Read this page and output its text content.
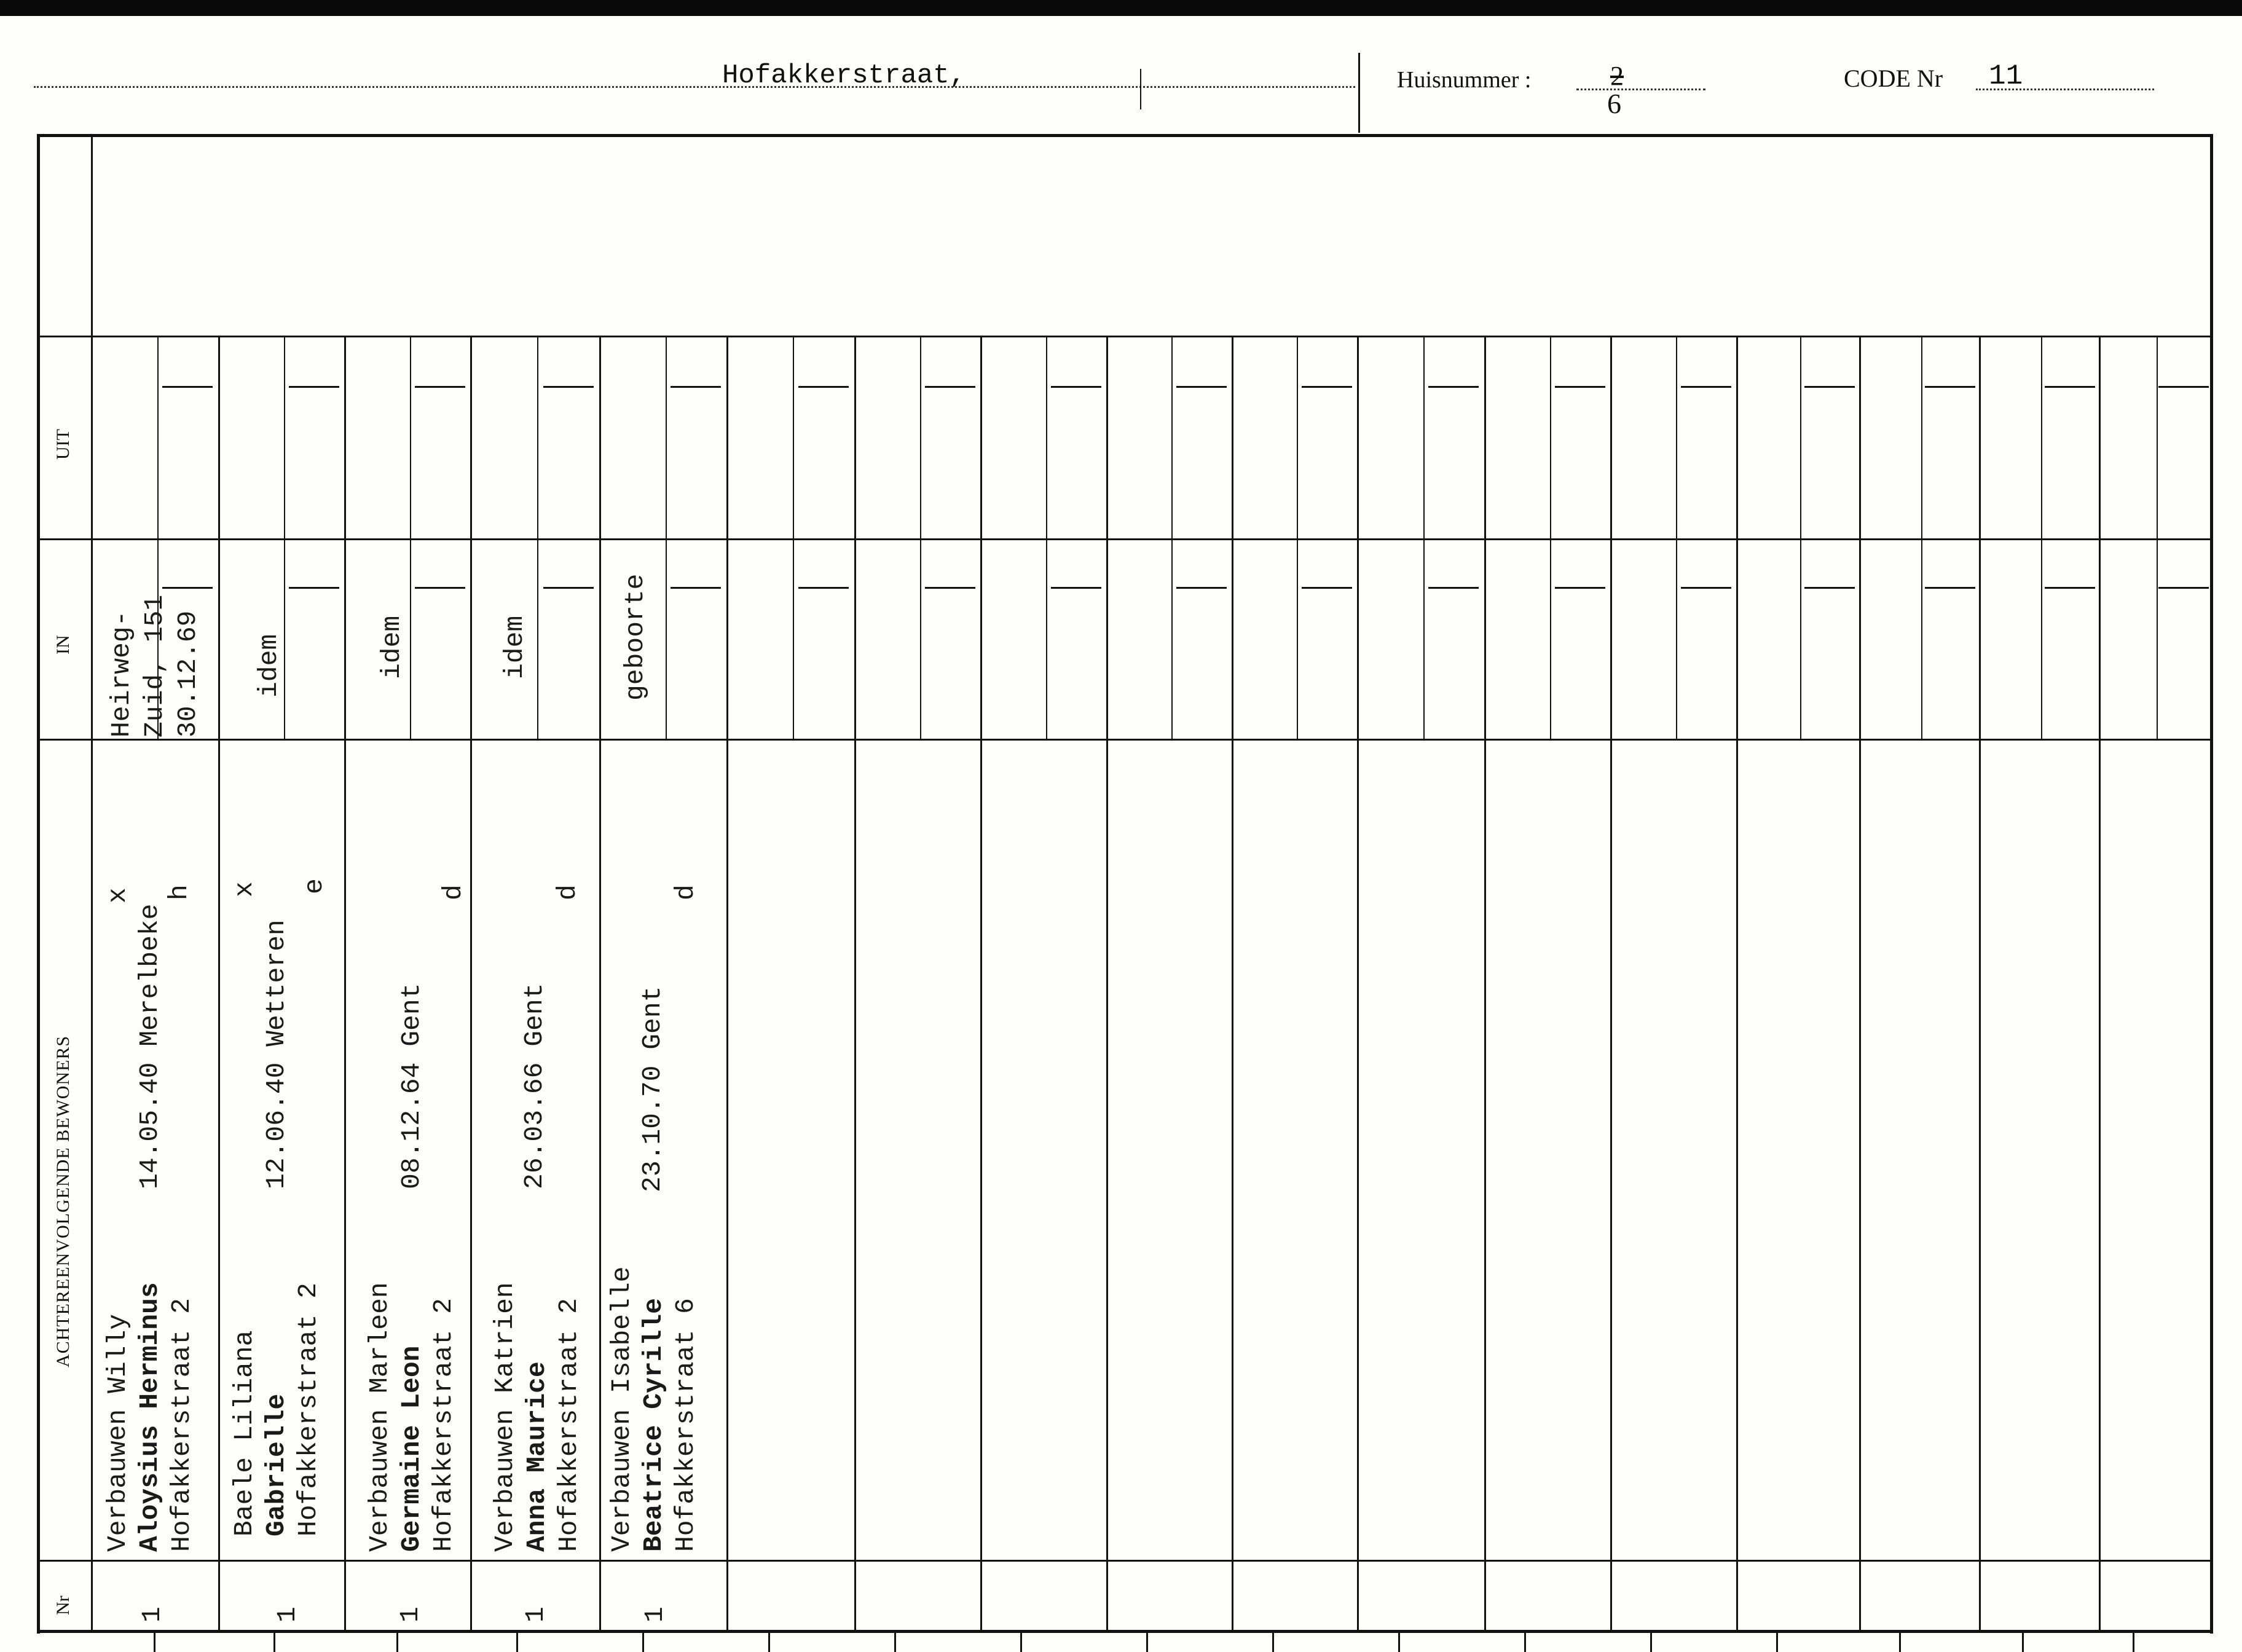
Hofakkerstraat,	Huisnummer :	2
6
CODE Nr 11
Nr
ACHTEREENVOLGENDE BEWONERS
IN
UIT
Verbauwen Willy Aloysius Herminus Hofakkerstraat 2
14.05.40 Merelbeke
x h
Heirweg- Zuid, 151 30.12.69
1
Baele Liliana Gabrielle Hofakkerstraat 2
12.06.40 Wetteren
x e
idem
1
Verbauwen Marleen Germaine Leon Hofakkerstraat 2
08.12.64 Gent
d
idem
1
Verbauwen Katrien Anna Maurice Hofakkerstraat 2
26.03.66 Gent
d
idem
1
Verbauwen Isabelle Beatrice Cyrille Hofakkerstraat 6
23.10.70 Gent
d
geboorte
1
